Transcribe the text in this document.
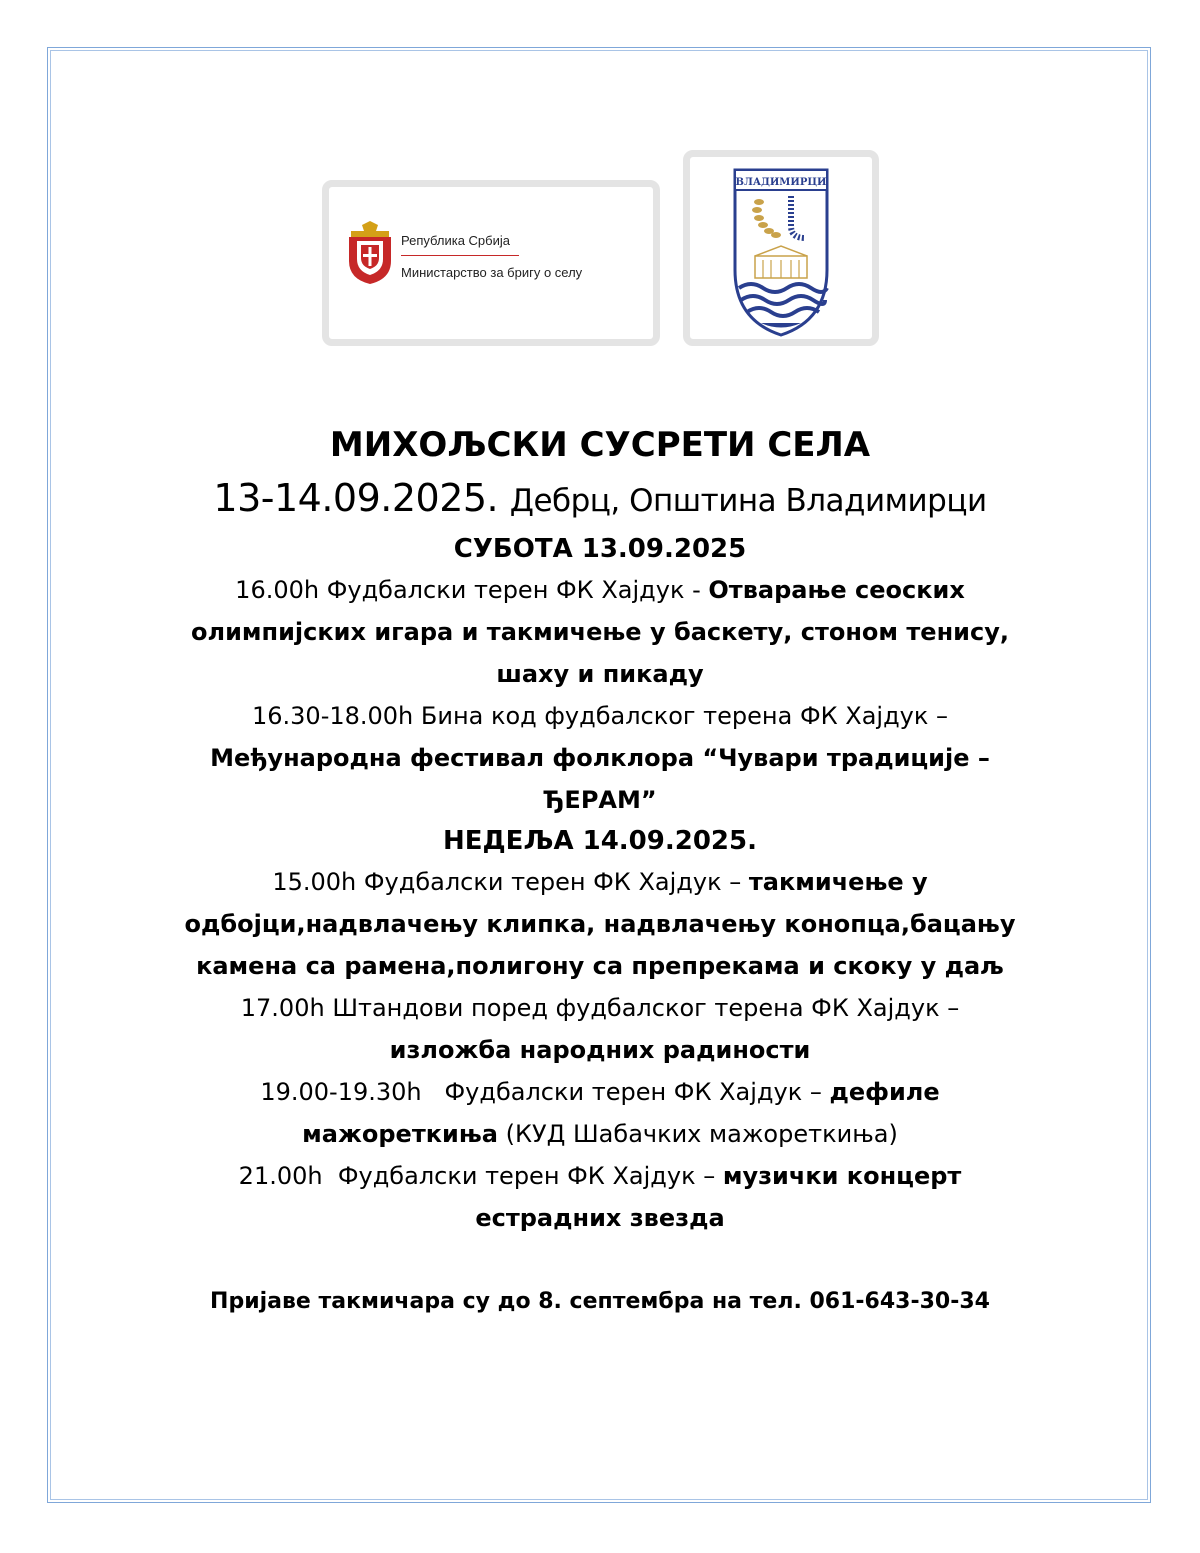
Република Србија
Министарство за бригу о селу
ВЛАДИМИРЦИ
МИХОЉСКИ СУСРЕТИ СЕЛА
13-14.09.2025. Дебрц, Општина Владимирци
СУБОТА 13.09.2025

16.00h Фудбалски терен ФК Хајдук - Отварање сеоских
олимпијских игара и такмичење у баскету, стоном тенису,
шаху и пикаду

16.30-18.00h Бина код фудбалског терена ФК Хајдук –
Међународна фестивал фолклора “Чувари традиције –
ЂЕРАМ”

НЕДЕЉА 14.09.2025.

15.00h Фудбалски терен ФК Хајдук – такмичење у
одбојци,надвлачењу клипка, надвлачењу конопца,бацању
камена са рамена,полигону са препрекама и скоку у даљ

17.00h Штандови поред фудбалског терена ФК Хајдук –
изложба народних радиности

19.00-19.30h   Фудбалски терен ФК Хајдук – дефиле
мажореткиња (КУД Шабачких мажореткиња)

21.00h  Фудбалски терен ФК Хајдук – музички концерт
естрадних звезда

Пријаве такмичара су до 8. септембра на тел. 061-643-30-34
